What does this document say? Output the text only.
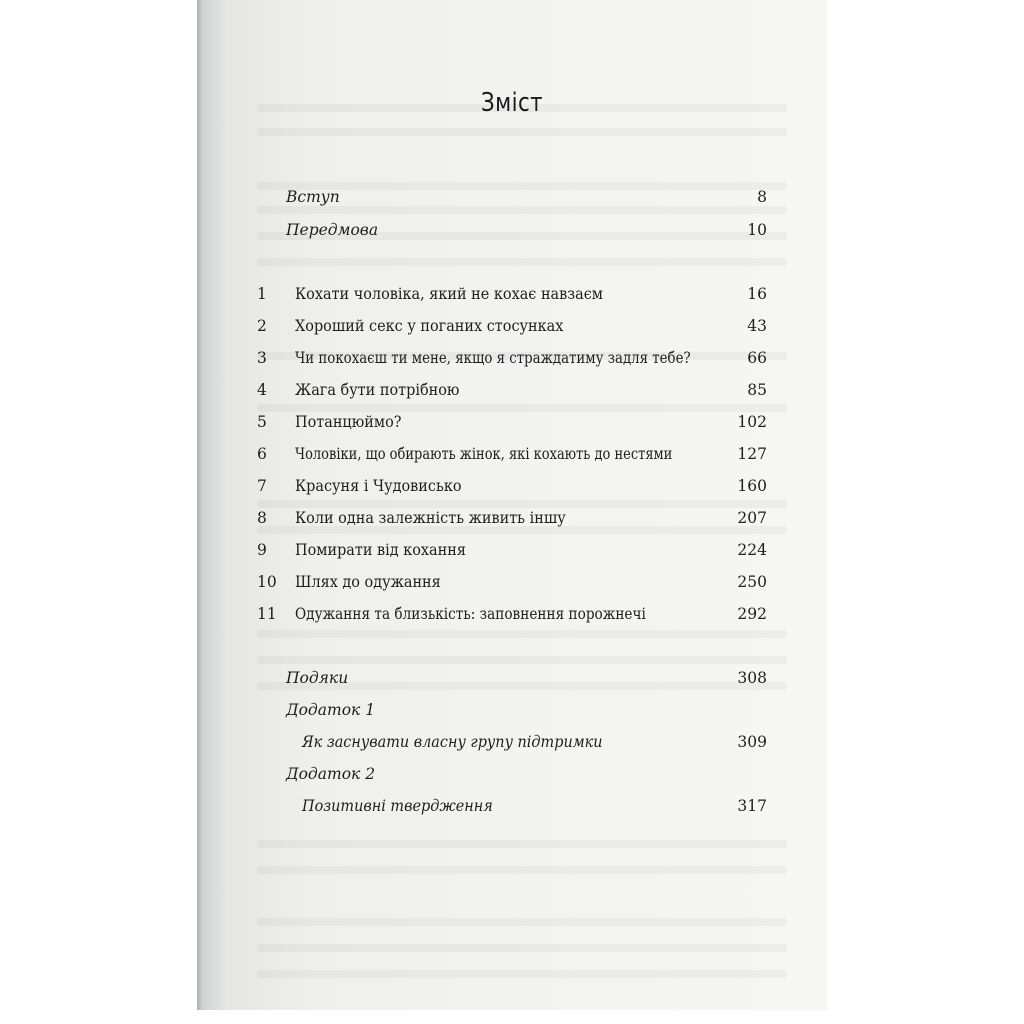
Зміст
Вступ	8
Передмова	10
1	Кохати чоловіка, який не кохає навзаєм	16
2	Хороший секс у поганих стосунках	43
3	Чи покохаєш ти мене, якщо я страждатиму задля тебе?	66
4	Жага бути потрібною	85
5	Потанцюймо?	102
6	Чоловіки, що обирають жінок, які кохають до нестями	127
7	Красуня і Чудовисько	160
8	Коли одна залежність живить іншу	207
9	Помирати від кохання	224
10 Шлях до одужання	250
11 Одужання та близькість: заповнення порожнечі	292
Подяки	308
Додаток 1
Як заснувати власну групу підтримки	309
Додаток 2
Позитивні твердження	317
